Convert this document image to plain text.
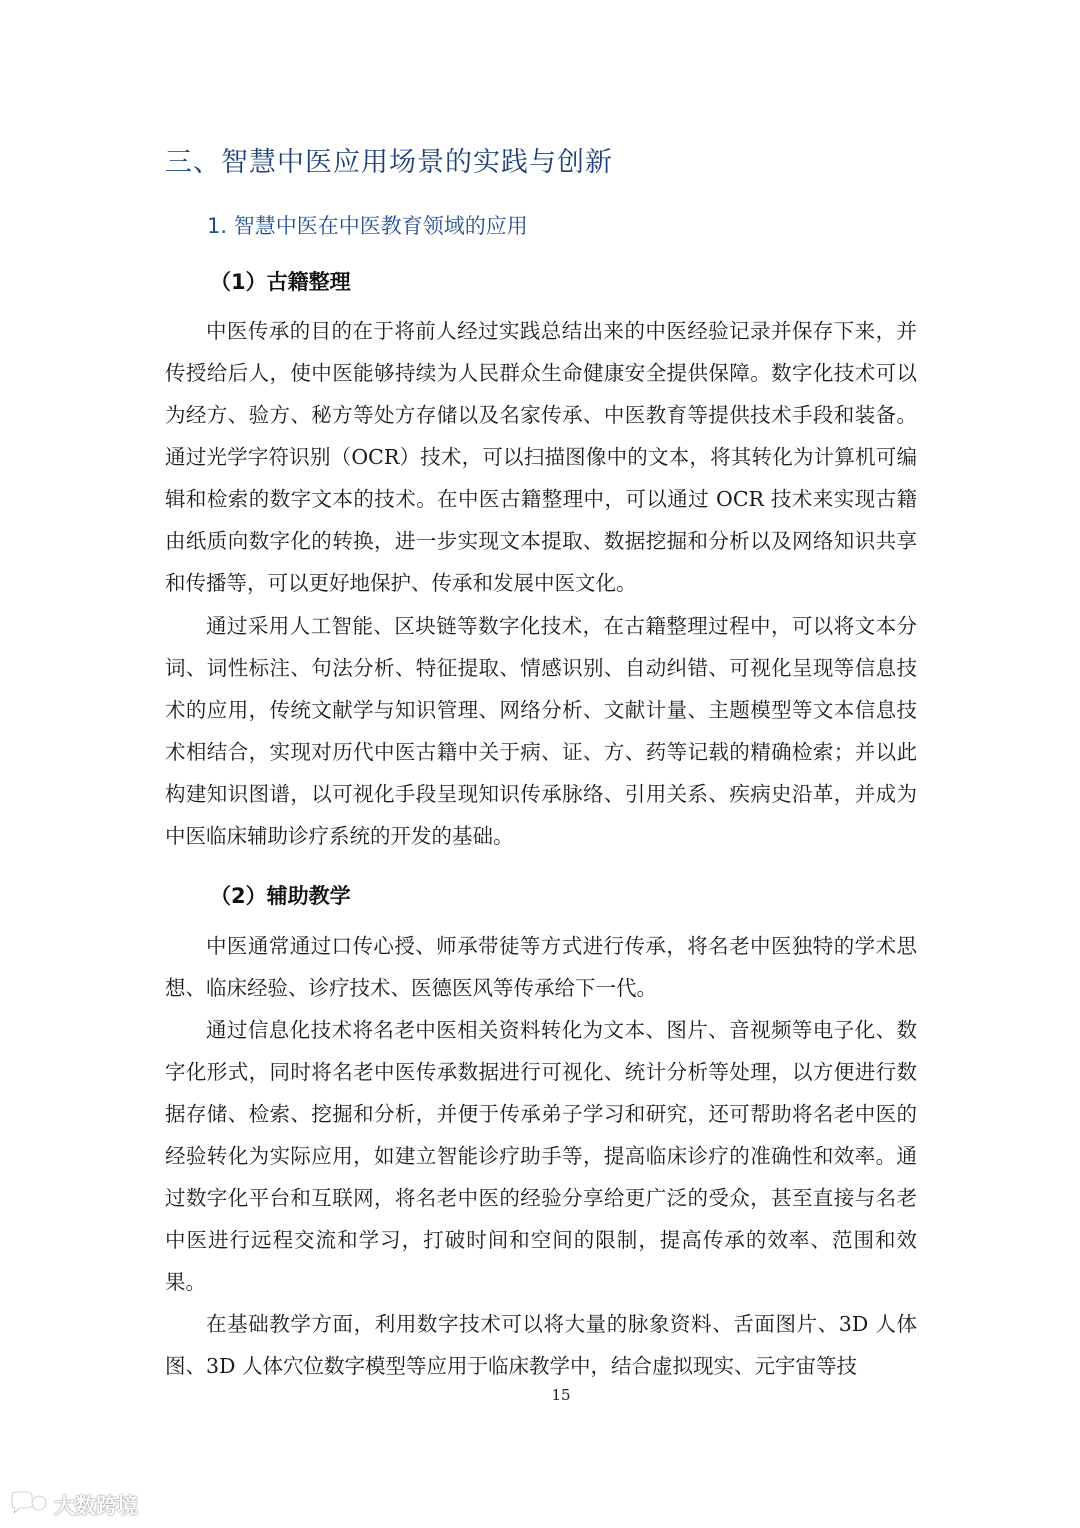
三、智慧中医应用场景的实践与创新
1. 智慧中医在中医教育领域的应用
（1）古籍整理

中医传承的目的在于将前人经过实践总结出来的中医经验记录并保存下来，并传授给后人，使中医能够持续为人民群众生命健康安全提供保障。数字化技术可以为经方、验方、秘方等处方存储以及名家传承、中医教育等提供技术手段和装备。通过光学字符识别（OCR）技术，可以扫描图像中的文本，将其转化为计算机可编辑和检索的数字文本的技术。在中医古籍整理中，可以通过 OCR 技术来实现古籍由纸质向数字化的转换，进一步实现文本提取、数据挖掘和分析以及网络知识共享和传播等，可以更好地保护、传承和发展中医文化。

通过采用人工智能、区块链等数字化技术，在古籍整理过程中，可以将文本分词、词性标注、句法分析、特征提取、情感识别、自动纠错、可视化呈现等信息技术的应用，传统文献学与知识管理、网络分析、文献计量、主题模型等文本信息技术相结合，实现对历代中医古籍中关于病、证、方、药等记载的精确检索；并以此构建知识图谱，以可视化手段呈现知识传承脉络、引用关系、疾病史沿革，并成为中医临床辅助诊疗系统的开发的基础。

（2）辅助教学

中医通常通过口传心授、师承带徒等方式进行传承，将名老中医独特的学术思想、临床经验、诊疗技术、医德医风等传承给下一代。

通过信息化技术将名老中医相关资料转化为文本、图片、音视频等电子化、数字化形式，同时将名老中医传承数据进行可视化、统计分析等处理，以方便进行数据存储、检索、挖掘和分析，并便于传承弟子学习和研究，还可帮助将名老中医的经验转化为实际应用，如建立智能诊疗助手等，提高临床诊疗的准确性和效率。通过数字化平台和互联网，将名老中医的经验分享给更广泛的受众，甚至直接与名老中医进行远程交流和学习，打破时间和空间的限制，提高传承的效率、范围和效果。

在基础教学方面，利用数字技术可以将大量的脉象资料、舌面图片、3D 人体图、3D 人体穴位数字模型等应用于临床教学中，结合虚拟现实、元宇宙等技

15
大数跨境
